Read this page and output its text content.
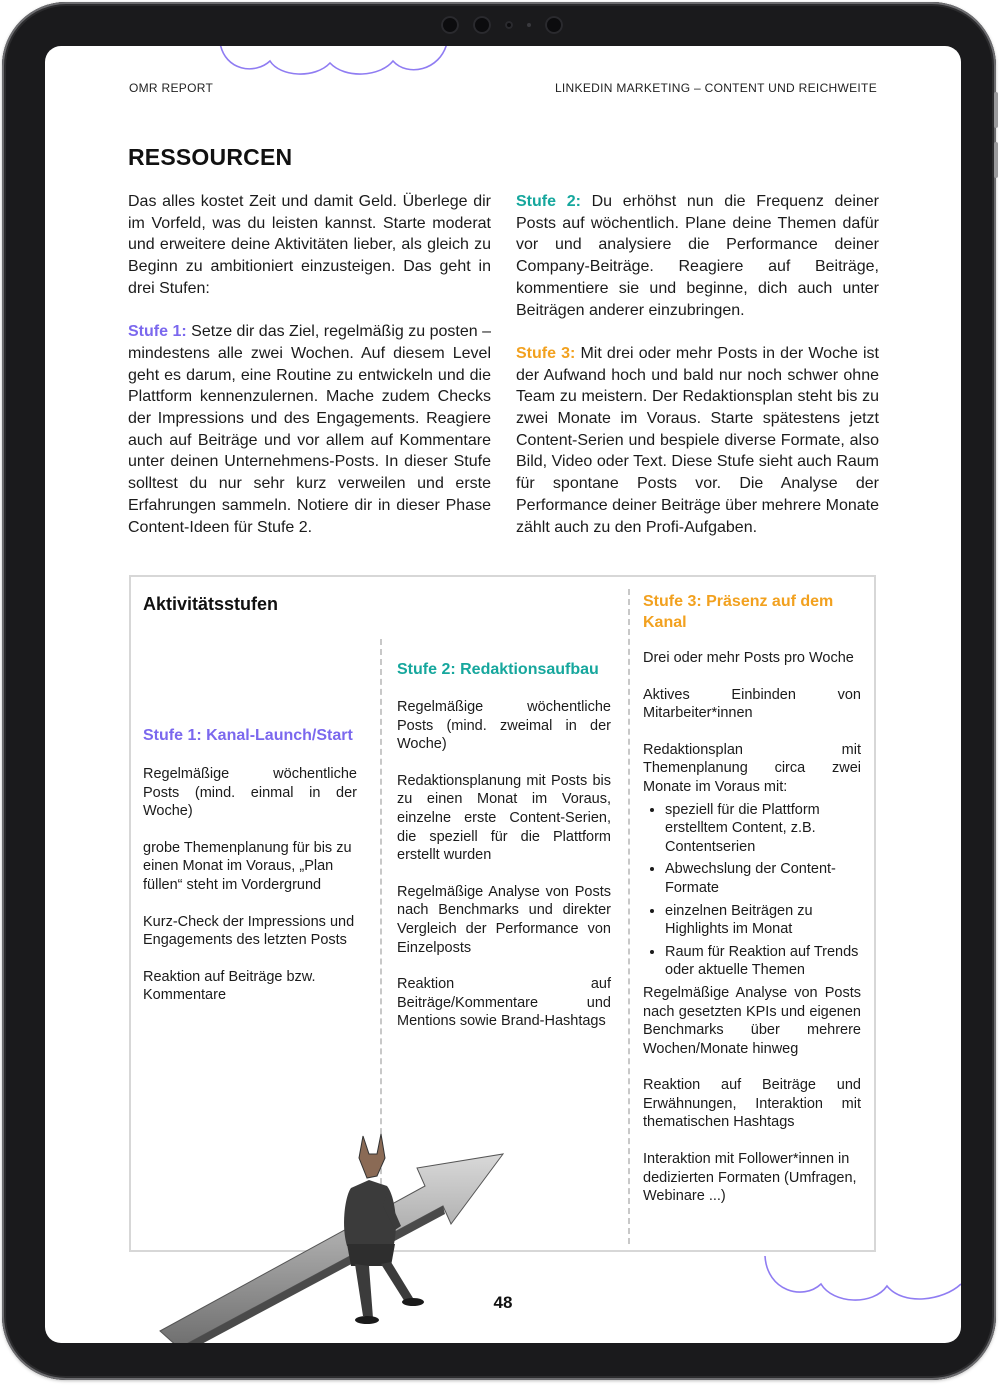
OMR REPORT	LINKEDIN MARKETING – CONTENT UND REICHWEITE
RESSOURCEN

Das alles kostet Zeit und damit Geld. Überlege dir im Vorfeld, was du leisten kannst. Starte moderat und erweitere deine Aktivitäten lieber, als gleich zu Beginn zu ambitioniert einzusteigen. Das geht in drei Stufen:

Stufe 1: Setze dir das Ziel, regelmäßig zu posten – mindestens alle zwei Wochen. Auf diesem Level geht es darum, eine Routine zu entwickeln und die Plattform kennenzulernen. Mache zudem Checks der Impressions und des Engagements. Reagiere auch auf Beiträge und vor allem auf Kommentare unter deinen Unternehmens-Posts. In dieser Stufe solltest du nur sehr kurz verweilen und erste Erfahrungen sammeln. Notiere dir in dieser Phase Content-Ideen für Stufe 2.

Stufe 2: Du erhöhst nun die Frequenz deiner Posts auf wöchentlich. Plane deine Themen dafür vor und analysiere die Performance deiner Company-Beiträge. Reagiere auf Beiträge, kommentiere sie und beginne, dich auch unter Beiträgen anderer einzubringen.

Stufe 3: Mit drei oder mehr Posts in der Woche ist der Aufwand hoch und bald nur noch schwer ohne Team zu meistern. Der Redaktionsplan steht bis zu zwei Monate im Voraus. Starte spätestens jetzt Content-Serien und bespiele diverse Formate, also Bild, Video oder Text. Diese Stufe sieht auch Raum für spontane Posts vor. Die Analyse der Performance deiner Beiträge über mehrere Monate zählt auch zu den Profi-Aufgaben.

Aktivitätsstufen
Stufe 1: Kanal-Launch/Start

Regelmäßige wöchentliche Posts (mind. einmal in der Woche)

grobe Themenplanung für bis zu einen Monat im Voraus, „Plan füllen“ steht im Vordergrund

Kurz-Check der Impressions und Engagements des letzten Posts

Reaktion auf Beiträge bzw. Kommentare

Stufe 2: Redaktionsaufbau

Regelmäßige wöchentliche Posts (mind. zweimal in der Woche)

Redaktionsplanung mit Posts bis zu einen Monat im Voraus, einzelne erste Content-Serien, die speziell für die Plattform erstellt wurden

Regelmäßige Analyse von Posts nach Benchmarks und direkter Vergleich der Performance von Einzelposts

Reaktion auf Beiträge/Kommentare und Mentions sowie Brand-Hashtags

Stufe 3: Präsenz auf dem Kanal

Drei oder mehr Posts pro Woche

Aktives Einbinden von Mitarbeiter*innen

Redaktionsplan mit Themenplanung circa zwei Monate im Voraus mit:

• speziell für die Plattform erstelltem Content, z.B. Contentserien
• Abwechslung der Content-Formate
• einzelnen Beiträgen zu Highlights im Monat
• Raum für Reaktion auf Trends oder aktuelle Themen

Regelmäßige Analyse von Posts nach gesetzten KPIs und eigenen Benchmarks über mehrere Wochen/Monate hinweg

Reaktion auf Beiträge und Erwähnungen, Interaktion mit thematischen Hashtags

Interaktion mit Follower*innen in dedizierten Formaten (Umfragen, Webinare ...)

48
